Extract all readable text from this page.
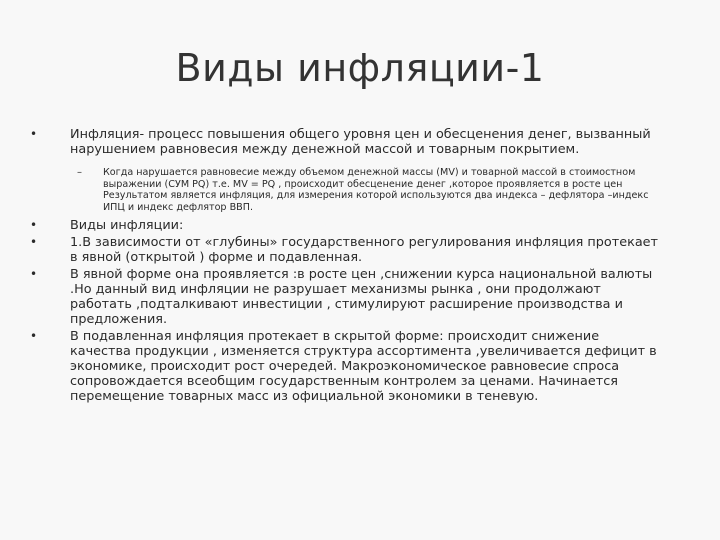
Виды инфляции-1
•	Инфляция- процесс повышения общего уровня цен и обесценения денег, вызванный нарушением равновесия между денежной массой и товарным покрытием.
– Когда нарушается равновесие между объемом денежной массы (MV) и товарной массой в стоимостном выражении (СУМ PQ) т.е. MV = PQ , происходит обесценение денег ,которое проявляется в росте цен Результатом является инфляция, для измерения которой используются два индекса – дефлятора –индекс ИПЦ и индекс дефлятор ВВП.
•	Виды инфляции:
•	1.В зависимости от «глубины» государственного регулирования инфляция протекает в явной (открытой ) форме и подавленная.
•	В явной форме она проявляется :в росте цен ,снижении курса национальной валюты .Но данный вид инфляции не разрушает механизмы рынка , они продолжают работать ,подталкивают инвестиции , стимулируют расширение производства и предложения.
•	В подавленная инфляция протекает в скрытой форме: происходит снижение качества продукции , изменяется структура ассортимента ,увеличивается дефицит в экономике, происходит рост очередей. Макроэкономическое равновесие спроса сопровождается всеобщим государственным контролем за ценами. Начинается перемещение товарных масс из официальной экономики в теневую.
